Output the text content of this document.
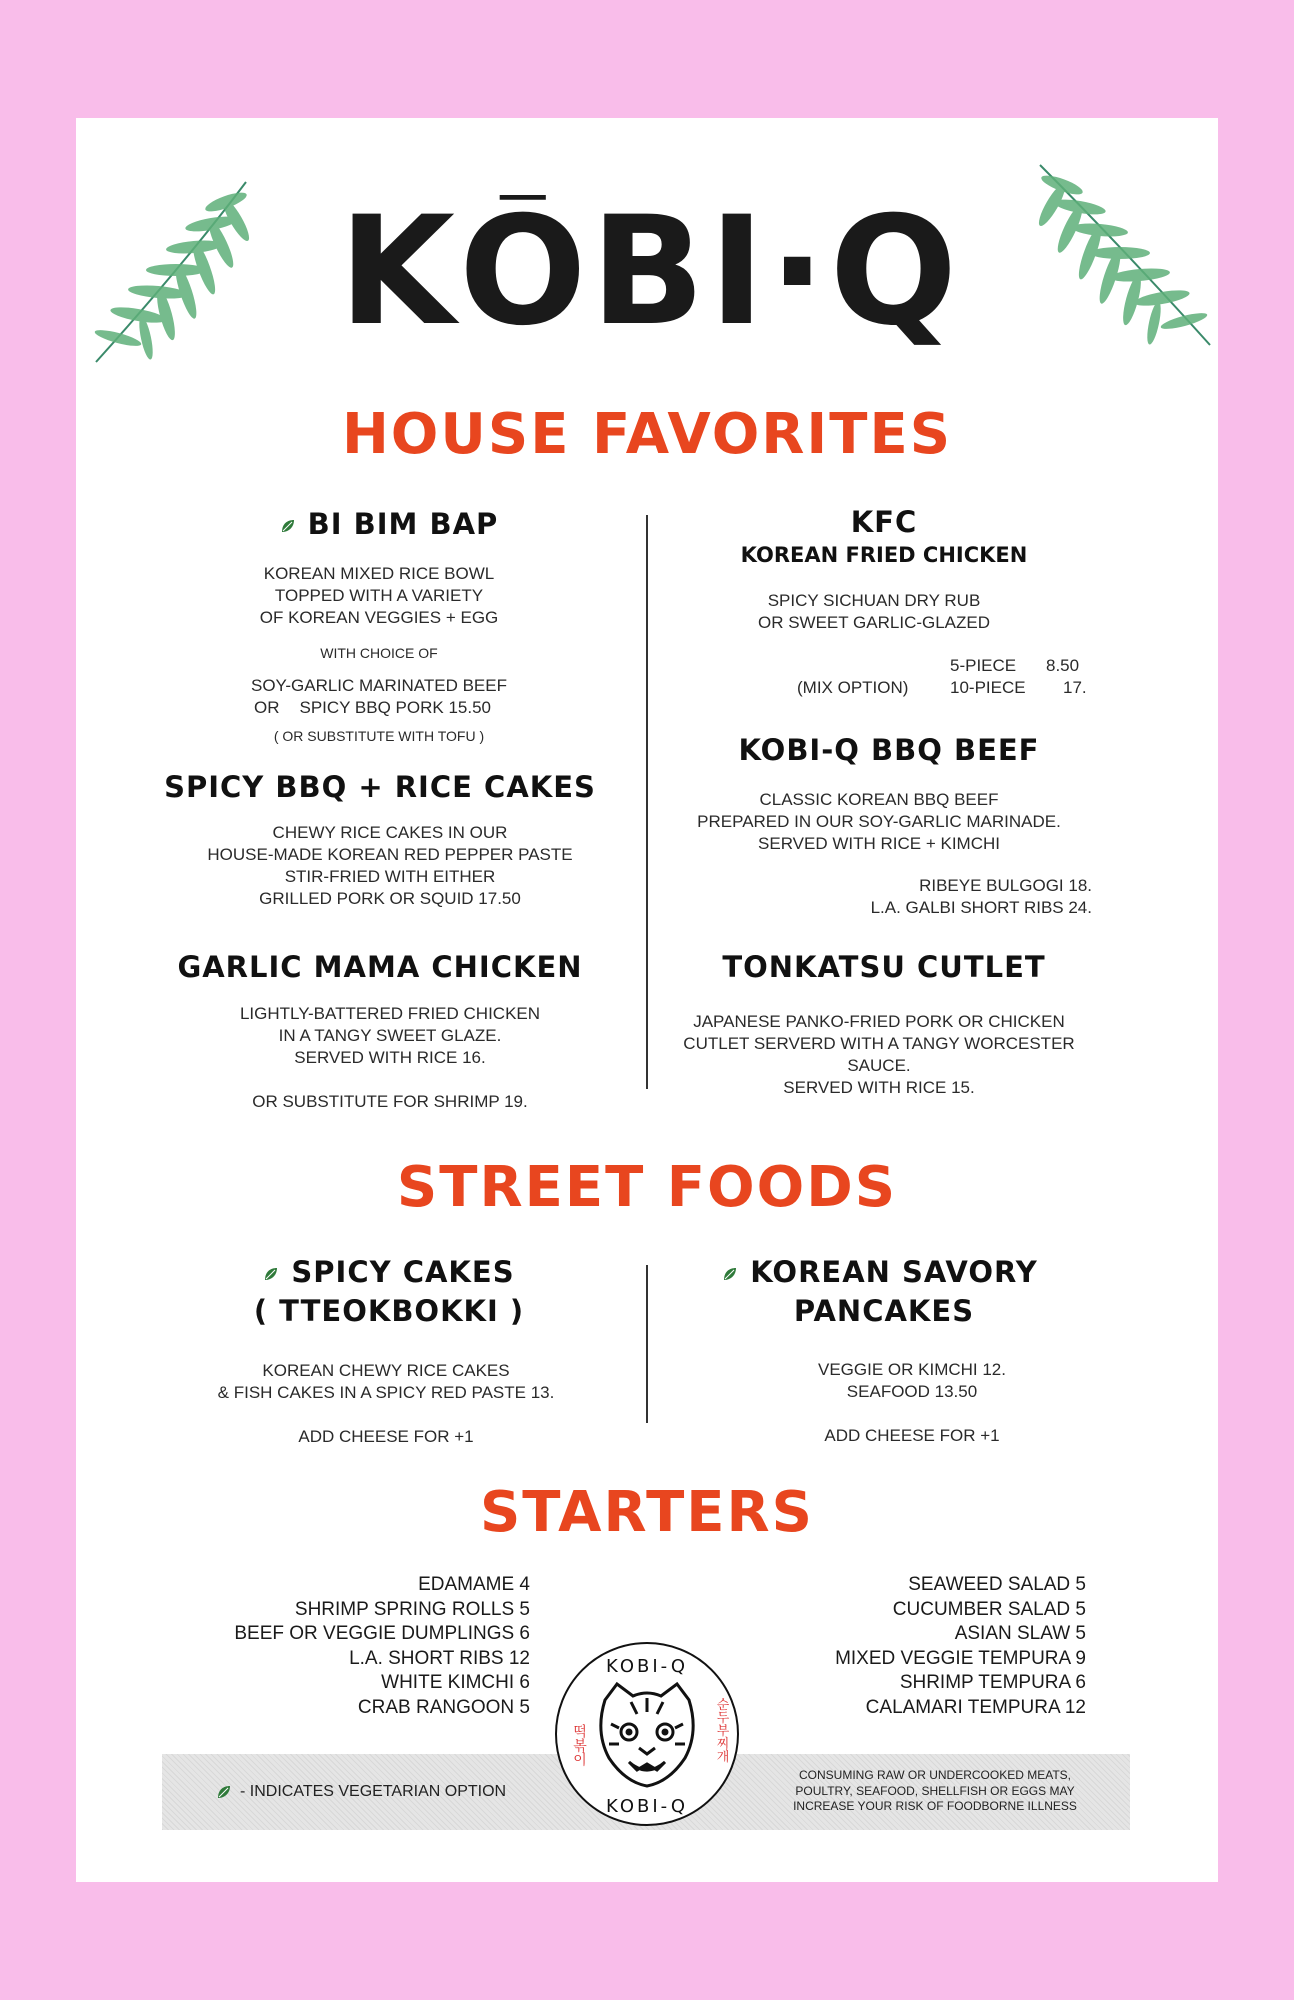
KŌBI·Q
HOUSE FAVORITES
BI BIM BAP
KOREAN MIXED RICE BOWL
TOPPED WITH A VARIETY
OF KOREAN VEGGIES + EGG
WITH CHOICE OF
SOY-GARLIC MARINATED BEEF
OR SPICY BBQ PORK 15.50
( OR SUBSTITUTE WITH TOFU )
SPICY BBQ + RICE CAKES
CHEWY RICE CAKES IN OUR
HOUSE-MADE KOREAN RED PEPPER PASTE
STIR-FRIED WITH EITHER
GRILLED PORK OR SQUID 17.50
GARLIC MAMA CHICKEN
LIGHTLY-BATTERED FRIED CHICKEN
IN A TANGY SWEET GLAZE.
SERVED WITH RICE 16.
OR SUBSTITUTE FOR SHRIMP 19.
KFC
KOREAN FRIED CHICKEN
SPICY SICHUAN DRY RUB
OR SWEET GARLIC-GLAZED
5-PIECE 8.50
(MIX OPTION) 10-PIECE 17.
KOBI-Q BBQ BEEF
CLASSIC KOREAN BBQ BEEF
PREPARED IN OUR SOY-GARLIC MARINADE.
SERVED WITH RICE + KIMCHI
RIBEYE BULGOGI 18.
L.A. GALBI SHORT RIBS 24.
TONKATSU CUTLET
JAPANESE PANKO-FRIED PORK OR CHICKEN
CUTLET SERVERD WITH A TANGY WORCESTER
SAUCE.
SERVED WITH RICE 15.
STREET FOODS
SPICY CAKES
( TTEOKBOKKI )
KOREAN CHEWY RICE CAKES
& FISH CAKES IN A SPICY RED PASTE 13.
ADD CHEESE FOR +1
KOREAN SAVORY
PANCAKES
VEGGIE OR KIMCHI 12.
SEAFOOD 13.50
ADD CHEESE FOR +1
STARTERS
EDAMAME 4
SHRIMP SPRING ROLLS 5
BEEF OR VEGGIE DUMPLINGS 6
L.A. SHORT RIBS 12
WHITE KIMCHI 6
CRAB RANGOON 5
SEAWEED SALAD 5
CUCUMBER SALAD 5
ASIAN SLAW 5
MIXED VEGGIE TEMPURA 9
SHRIMP TEMPURA 6
CALAMARI TEMPURA 12
- INDICATES VEGETARIAN OPTION
CONSUMING RAW OR UNDERCOOKED MEATS,
POULTRY, SEAFOOD, SHELLFISH OR EGGS MAY
INCREASE YOUR RISK OF FOODBORNE ILLNESS
KOBI-Q
KOBI-Q
떡볶이	순두부찌개
